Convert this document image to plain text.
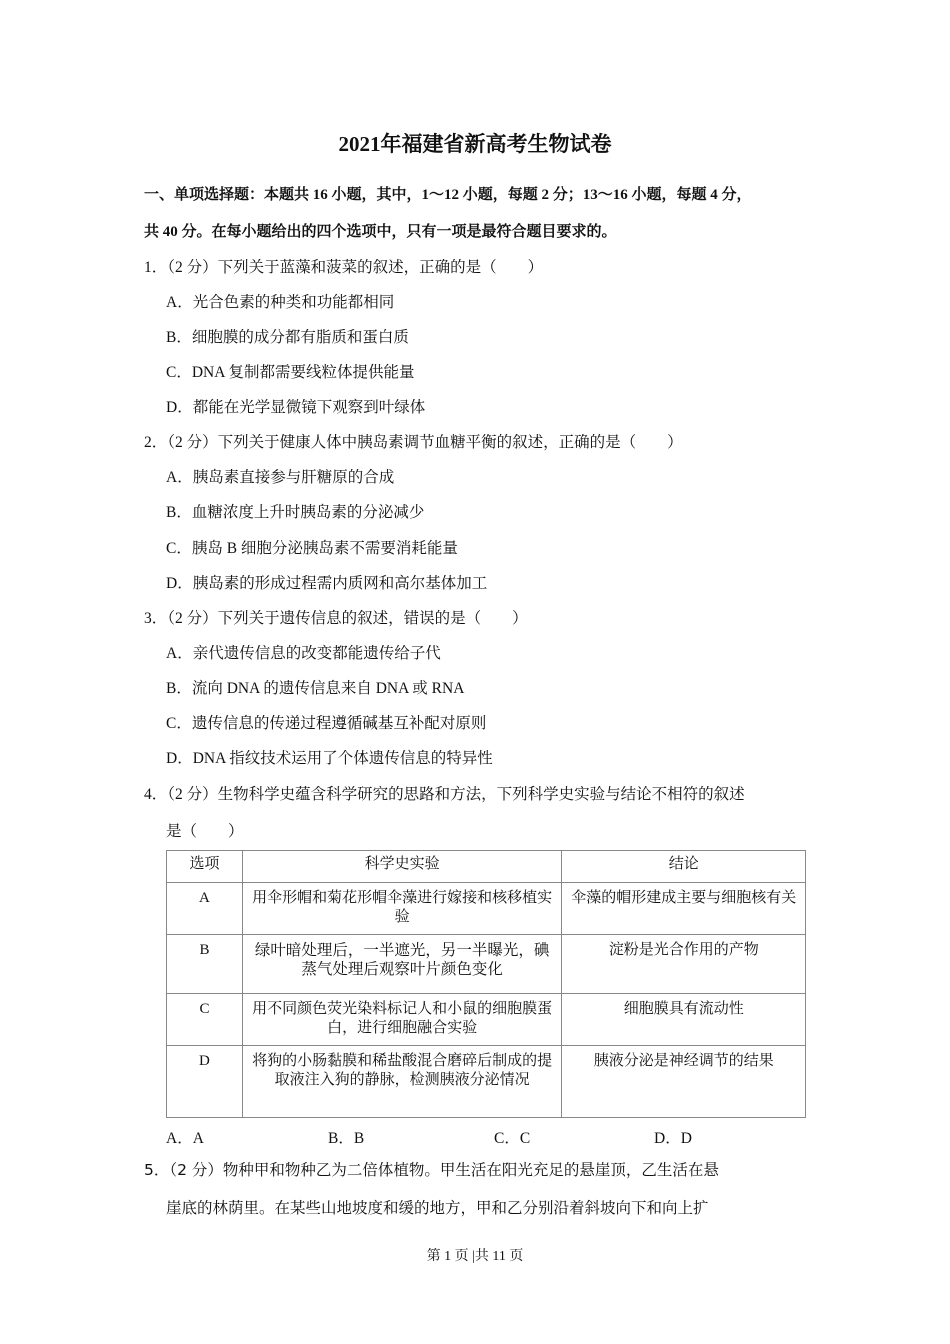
2021年福建省新高考生物试卷
一、单项选择题：本题共 16 小题，其中，1～12 小题，每题 2 分；13～16 小题，每题 4 分，
共 40 分。在每小题给出的四个选项中，只有一项是最符合题目要求的。
1．（2 分）下列关于蓝藻和菠菜的叙述，正确的是（　　）
A．光合色素的种类和功能都相同
B．细胞膜的成分都有脂质和蛋白质
C．DNA 复制都需要线粒体提供能量
D．都能在光学显微镜下观察到叶绿体
2．（2 分）下列关于健康人体中胰岛素调节血糖平衡的叙述，正确的是（　　）
A．胰岛素直接参与肝糖原的合成
B．血糖浓度上升时胰岛素的分泌减少
C．胰岛 B 细胞分泌胰岛素不需要消耗能量
D．胰岛素的形成过程需内质网和高尔基体加工
3．（2 分）下列关于遗传信息的叙述，错误的是（　　）
A．亲代遗传信息的改变都能遗传给子代
B．流向 DNA 的遗传信息来自 DNA 或 RNA
C．遗传信息的传递过程遵循碱基互补配对原则
D．DNA 指纹技术运用了个体遗传信息的特异性
4．（2 分）生物科学史蕴含科学研究的思路和方法，下列科学史实验与结论不相符的叙述
是（　　）
选项	科学史实验	结论
A	用伞形帽和菊花形帽伞藻进行嫁接和核移植实验	伞藻的帽形建成主要与细胞核有关
B	绿叶暗处理后，一半遮光，另一半曝光，碘蒸气处理后观察叶片颜色变化	淀粉是光合作用的产物
C	用不同颜色荧光染料标记人和小鼠的细胞膜蛋白，进行细胞融合实验	细胞膜具有流动性
D	将狗的小肠黏膜和稀盐酸混合磨碎后制成的提取液注入狗的静脉，检测胰液分泌情况	胰液分泌是神经调节的结果
A．A	B．B	C．C	D．D
5．（2 分）物种甲和物种乙为二倍体植物。甲生活在阳光充足的悬崖顶，乙生活在悬
崖底的林荫里。在某些山地坡度和缓的地方，甲和乙分别沿着斜坡向下和向上扩
第 1 页 |共 11 页
